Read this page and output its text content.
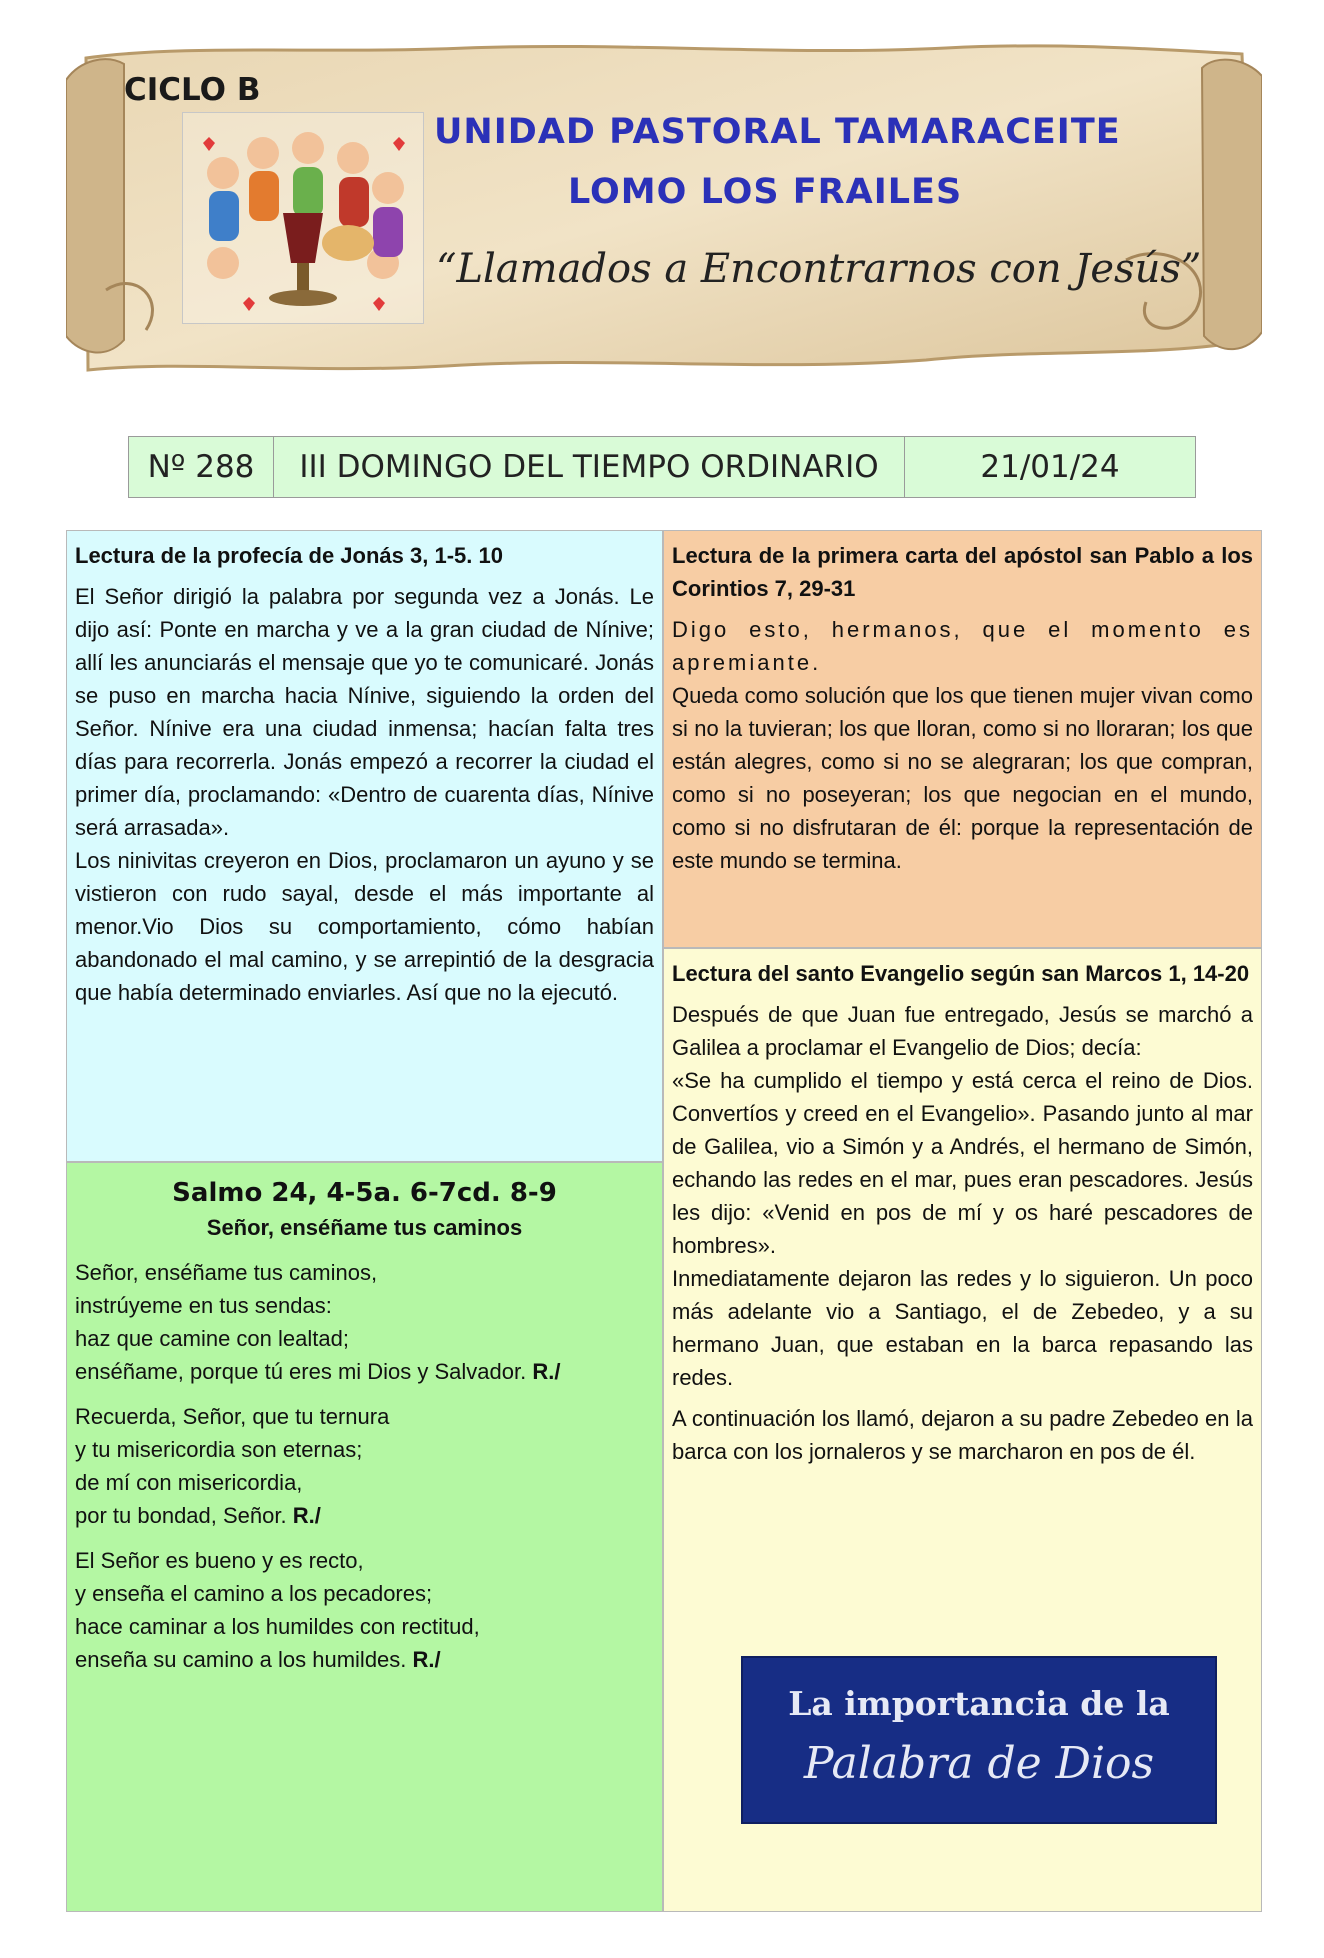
CICLO B
UNIDAD PASTORAL TAMARACEITE
LOMO LOS FRAILES
“Llamados a Encontrarnos con Jesús”
Nº 288	III DOMINGO DEL TIEMPO ORDINARIO	21/01/24
Lectura de la profecía de Jonás 3, 1-5. 10

El Señor dirigió la palabra por segunda vez a Jonás. Le dijo así: Ponte en marcha y ve a la gran ciudad de Nínive; allí les anunciarás el mensaje que yo te comunicaré. Jonás se puso en marcha hacia Nínive, siguiendo la orden del Señor. Nínive era una ciudad inmensa; hacían falta tres días para recorrerla. Jonás empezó a recorrer la ciudad el primer día, proclamando: «Dentro de cuarenta días, Nínive será arrasada».

Los ninivitas creyeron en Dios, proclamaron un ayuno y se vistieron con rudo sayal, desde el más importante al menor.Vio Dios su comportamiento, cómo habían abandonado el mal camino, y se arrepintió de la desgracia que había determinado enviarles. Así que no la ejecutó.

Lectura de la primera carta del apóstol san Pablo a los Corintios 7, 29-31

Digo esto, hermanos, que el momento es apremiante.

Queda como solución que los que tienen mujer vivan como si no la tuvieran; los que lloran, como si no lloraran; los que están alegres, como si no se alegraran; los que compran, como si no poseyeran; los que negocian en el mundo, como si no disfrutaran de él: porque la representación de este mundo se termina.

Salmo 24, 4-5a. 6-7cd. 8-9
Señor, enséñame tus caminos
Señor, enséñame tus caminos,
instrúyeme en tus sendas:
haz que camine con lealtad;
enséñame, porque tú eres mi Dios y Salvador. R./
Recuerda, Señor, que tu ternura
y tu misericordia son eternas;
de mí con misericordia,
por tu bondad, Señor. R./
El Señor es bueno y es recto,
y enseña el camino a los pecadores;
hace caminar a los humildes con rectitud,
enseña su camino a los humildes. R./
Lectura del santo Evangelio según san Marcos 1, 14-20

Después de que Juan fue entregado, Jesús se marchó a Galilea a proclamar el Evangelio de Dios; decía:

«Se ha cumplido el tiempo y está cerca el reino de Dios. Convertíos y creed en el Evangelio». Pasando junto al mar de Galilea, vio a Simón y a Andrés, el hermano de Simón, echando las redes en el mar, pues eran pescadores. Jesús les dijo: «Venid en pos de mí y os haré pescadores de hombres».

Inmediatamente dejaron las redes y lo siguieron. Un poco más adelante vio a Santiago, el de Zebedeo, y a su hermano Juan, que estaban en la barca repasando las redes.

A continuación los llamó, dejaron a su padre Zebedeo en la barca con los jornaleros y se marcharon en pos de él.

La importancia de la
Palabra de Dios
